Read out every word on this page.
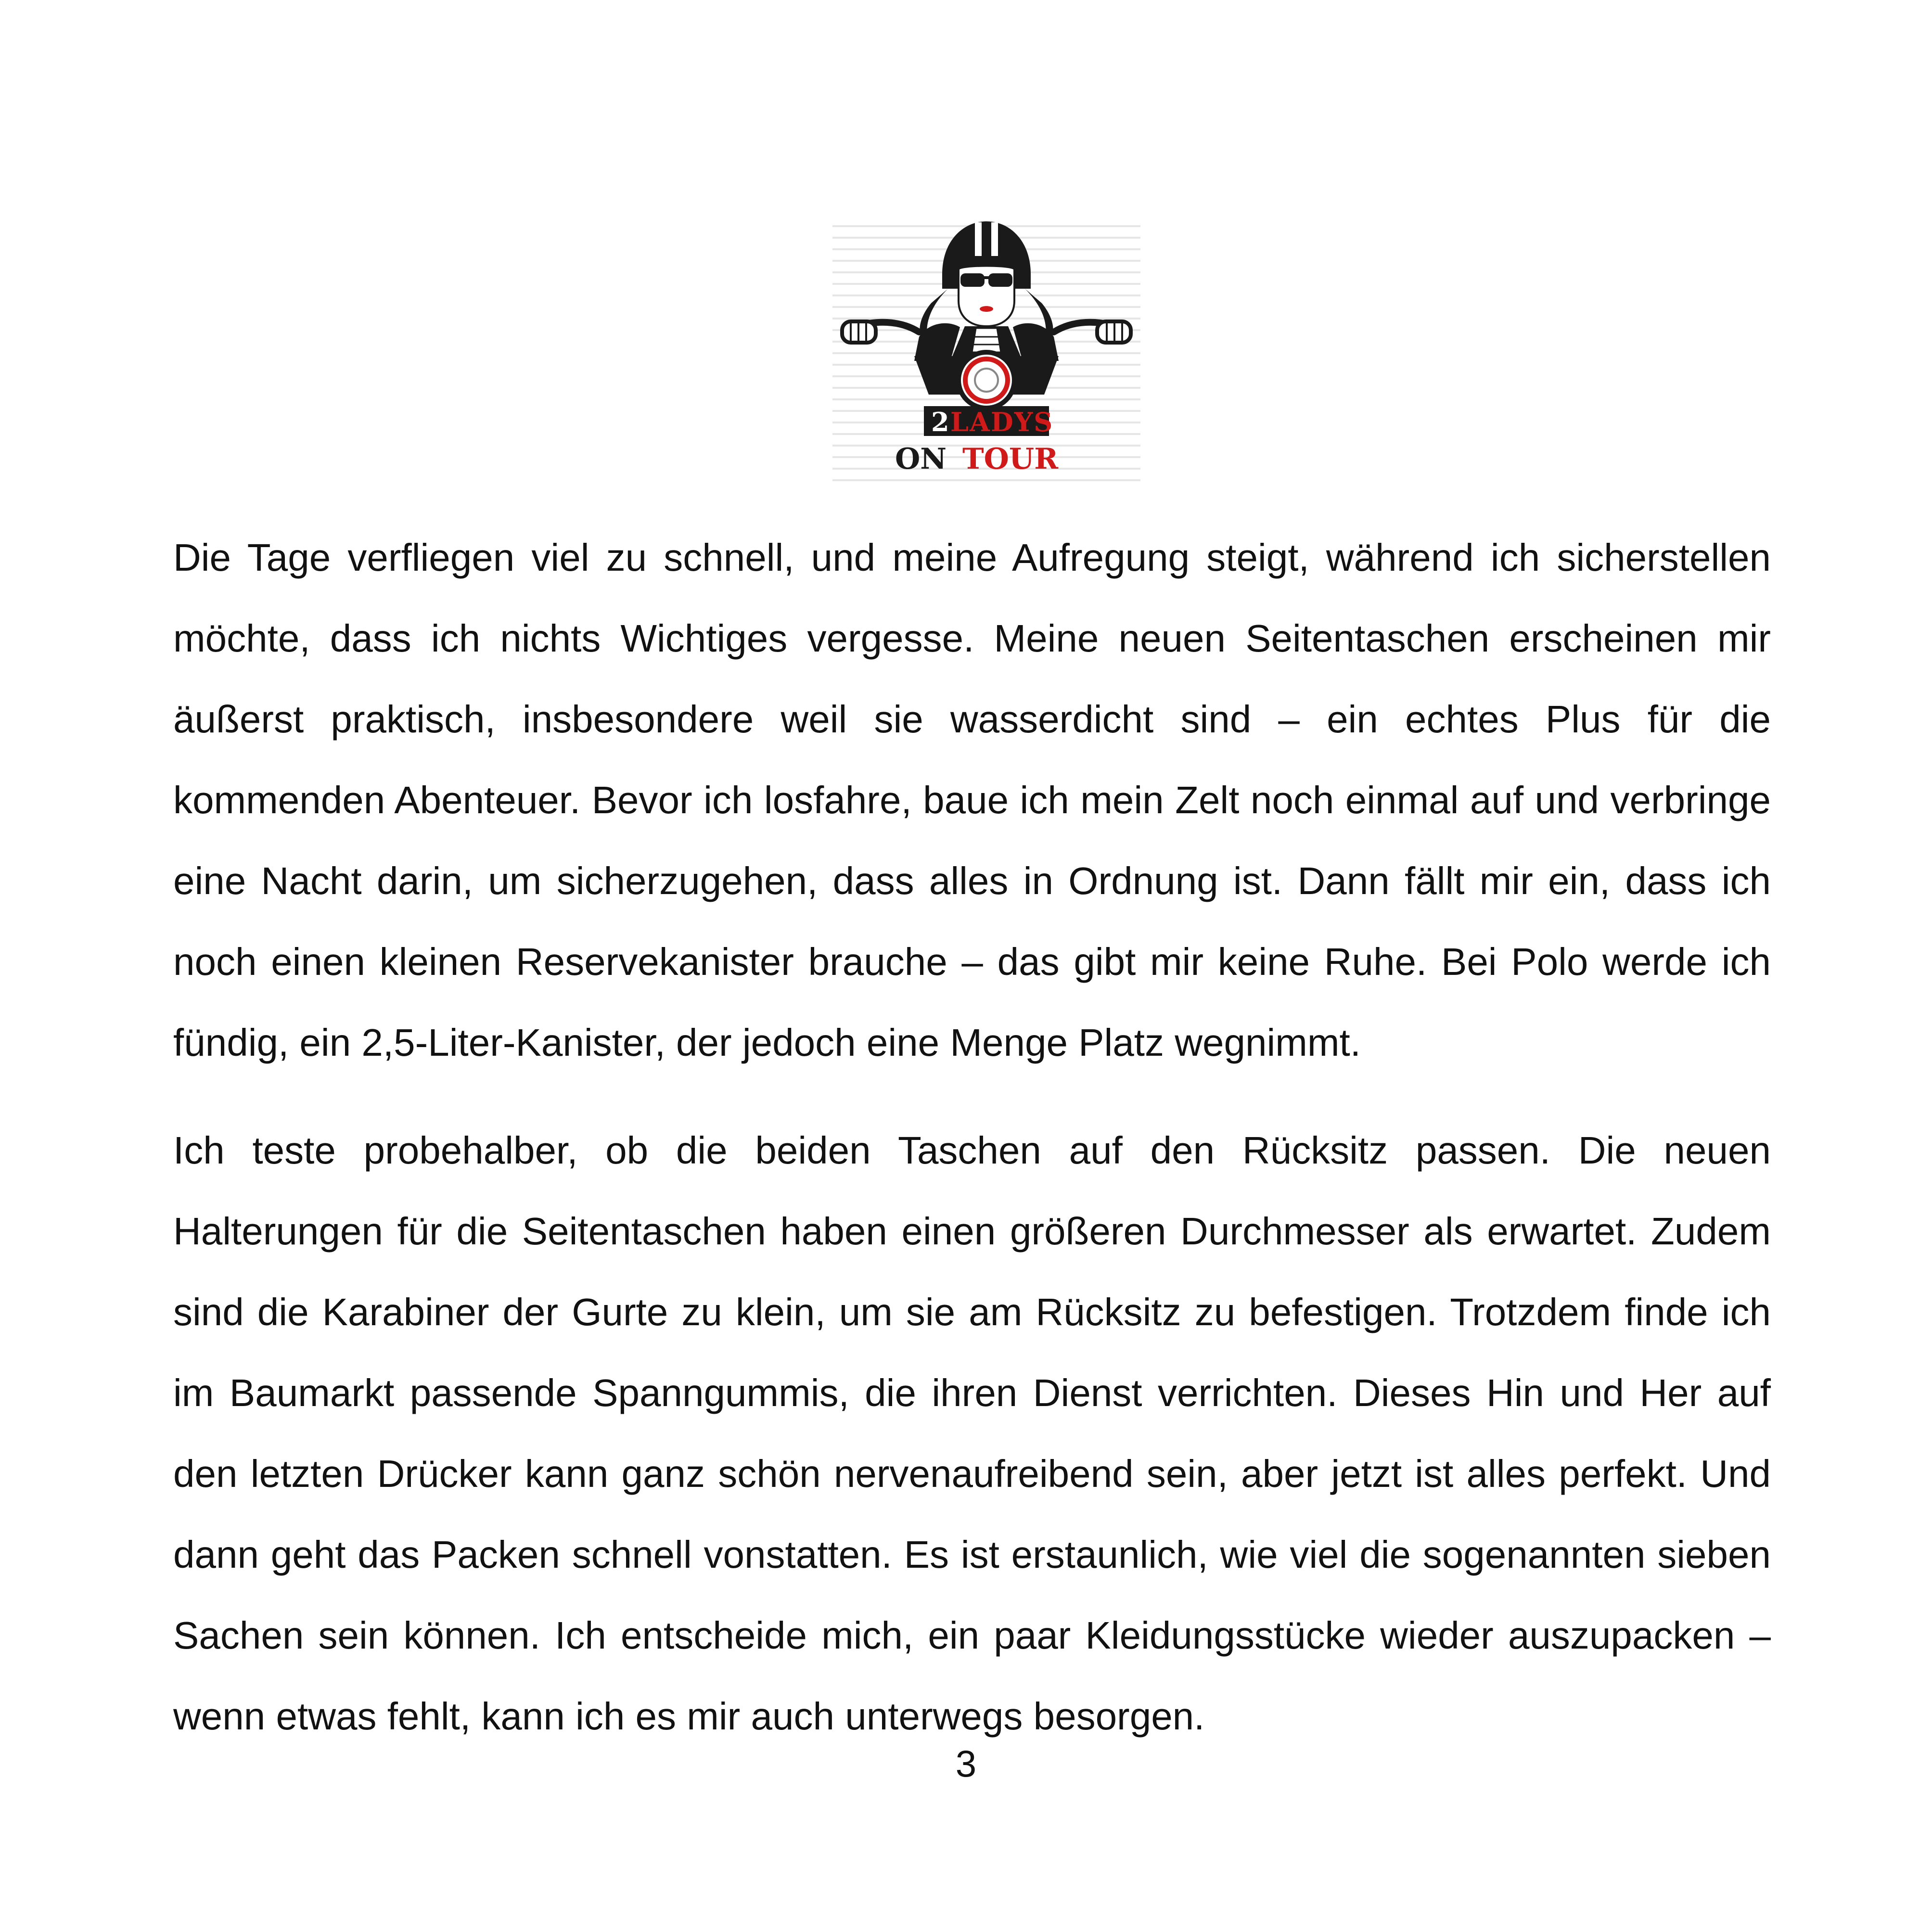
2 LADYS
ON TOUR

Die Tage verfliegen viel zu schnell, und meine Aufregung steigt, während ich sicherstellen möchte, dass ich nichts Wichtiges vergesse. Meine neuen Seitentaschen erscheinen mir äußerst praktisch, insbesondere weil sie wasserdicht sind – ein echtes Plus für die kommenden Abenteuer. Bevor ich losfahre, baue ich mein Zelt noch einmal auf und verbringe eine Nacht darin, um sicherzugehen, dass alles in Ordnung ist. Dann fällt mir ein, dass ich noch einen kleinen Reservekanister brauche – das gibt mir keine Ruhe. Bei Polo werde ich fündig, ein 2,5-Liter-Kanister, der jedoch eine Menge Platz wegnimmt.

Ich teste probehalber, ob die beiden Taschen auf den Rücksitz passen. Die neuen Halterungen für die Seitentaschen haben einen größeren Durchmesser als erwartet. Zudem sind die Karabiner der Gurte zu klein, um sie am Rücksitz zu befestigen. Trotzdem finde ich im Baumarkt passende Spanngummis, die ihren Dienst verrichten. Dieses Hin und Her auf den letzten Drücker kann ganz schön nervenaufreibend sein, aber jetzt ist alles perfekt. Und dann geht das Packen schnell vonstatten. Es ist erstaunlich, wie viel die sogenannten sieben Sachen sein können. Ich entscheide mich, ein paar Kleidungsstücke wieder auszupacken – wenn etwas fehlt, kann ich es mir auch unterwegs besorgen.

3
